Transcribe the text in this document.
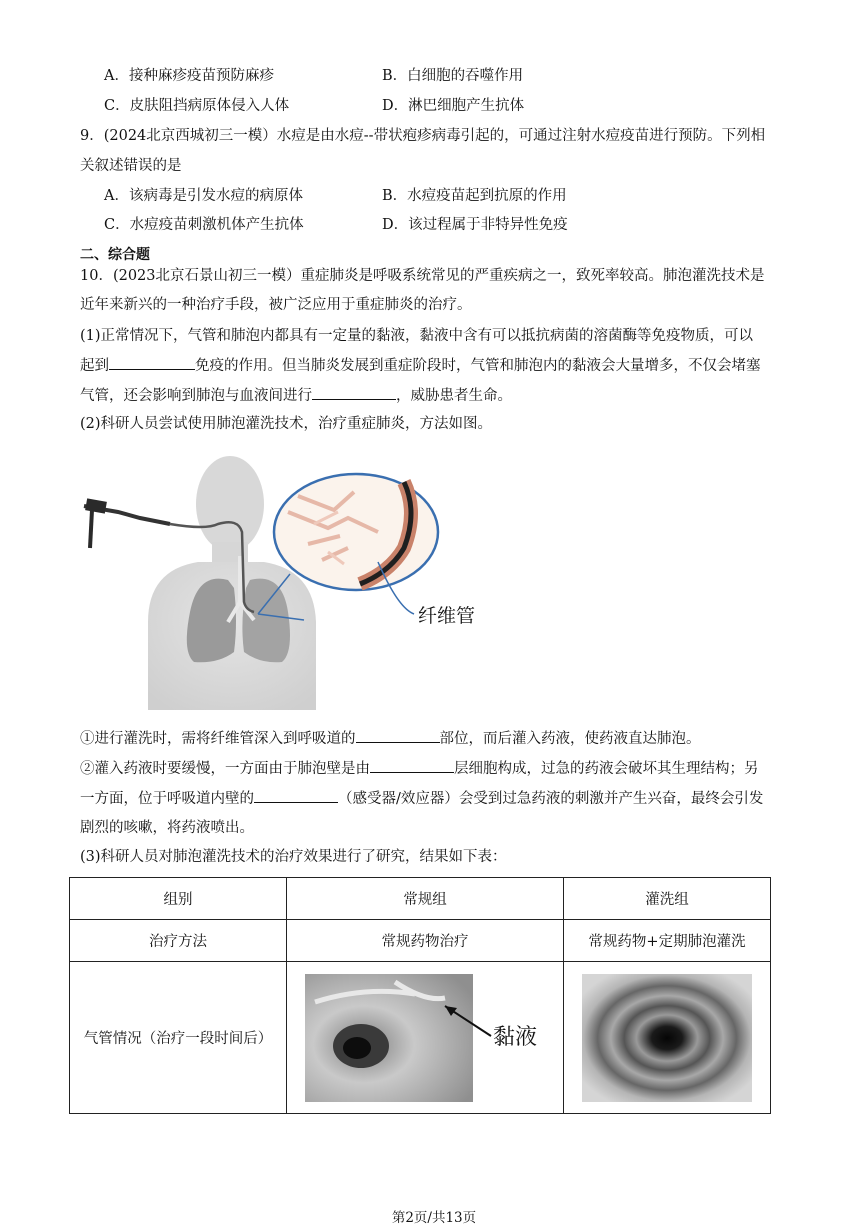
A．接种麻疹疫苗预防麻疹	B．白细胞的吞噬作用
C．皮肤阻挡病原体侵入人体	D．淋巴细胞产生抗体
9．(2024北京西城初三一模）水痘是由水痘--带状疱疹病毒引起的，可通过注射水痘疫苗进行预防。下列相
关叙述错误的是
A．该病毒是引发水痘的病原体	B．水痘疫苗起到抗原的作用
C．水痘疫苗刺激机体产生抗体	D．该过程属于非特异性免疫
二、综合题
10．(2023北京石景山初三一模）重症肺炎是呼吸系统常见的严重疾病之一，致死率较高。肺泡灌洗技术是
近年来新兴的一种治疗手段，被广泛应用于重症肺炎的治疗。
(1)正常情况下，气管和肺泡内都具有一定量的黏液，黏液中含有可以抵抗病菌的溶菌酶等免疫物质，可以
起到	免疫的作用。但当肺炎发展到重症阶段时，气管和肺泡内的黏液会大量增多，不仅会堵塞
气管，还会影响到肺泡与血液间进行	，威胁患者生命。
(2)科研人员尝试使用肺泡灌洗技术，治疗重症肺炎，方法如图。
纤维管
①进行灌洗时，需将纤维管深入到呼吸道的	部位，而后灌入药液，使药液直达肺泡。
②灌入药液时要缓慢，一方面由于肺泡壁是由	层细胞构成，过急的药液会破坏其生理结构；另
一方面，位于呼吸道内壁的	（感受器/效应器）会受到过急药液的刺激并产生兴奋，最终会引发
剧烈的咳嗽，将药液喷出。
(3)科研人员对肺泡灌洗技术的治疗效果进行了研究，结果如下表：
组别	常规组	灌洗组
治疗方法	常规药物治疗	常规药物+定期肺泡灌洗
气管情况（治疗一段时间后）	黏液

第2页/共13页
